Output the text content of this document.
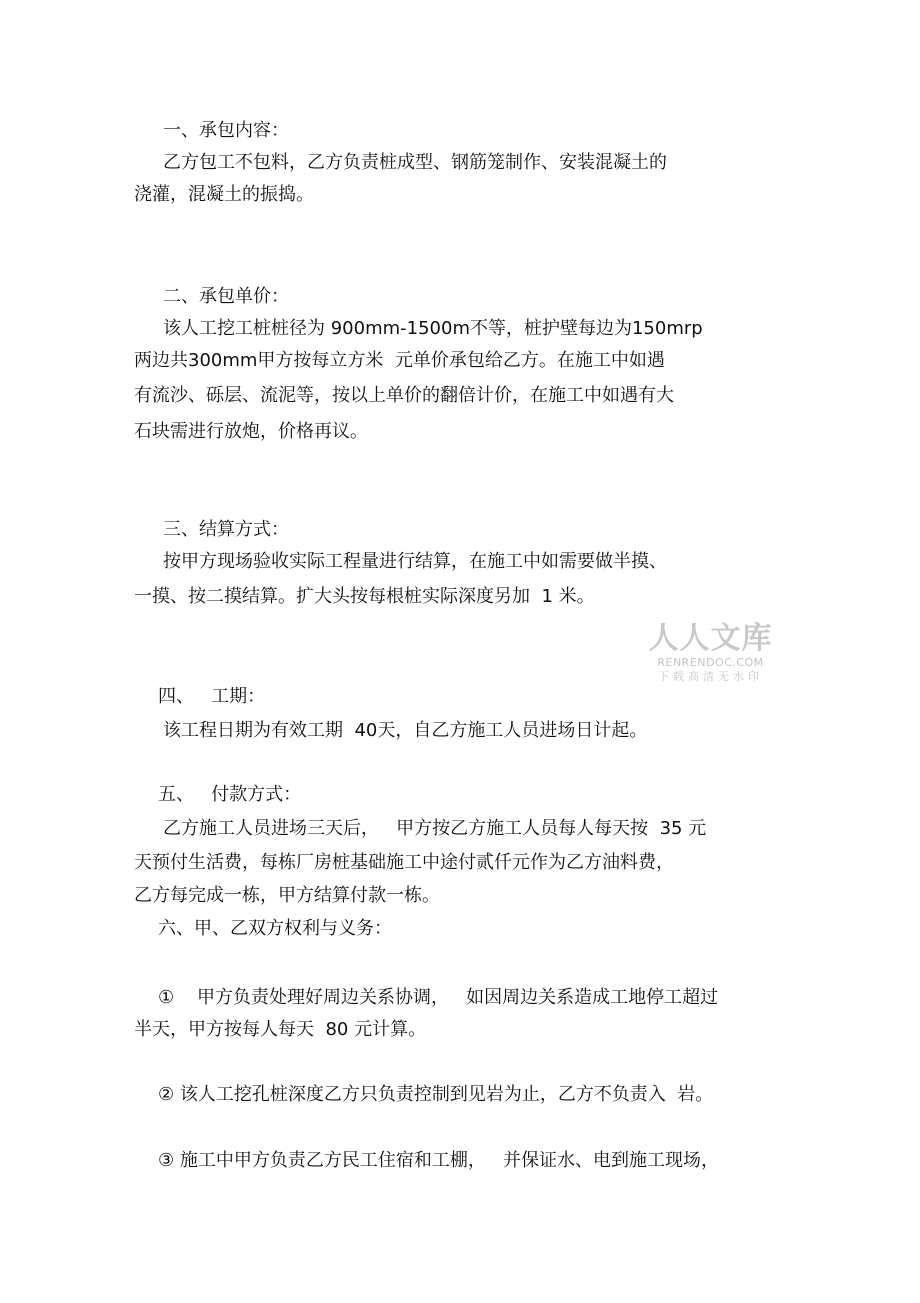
一、承包内容：
乙方包工不包料，乙方负责桩成型、钢筋笼制作、安装混凝土的
浇灌，混凝土的振捣。
二、承包单价：
该人工挖工桩桩径为 900mm-1500m不等，桩护壁每边为150mrp
两边共300mm甲方按每立方米  元单价承包给乙方。在施工中如遇
有流沙、砾层、流泥等，按以上单价的翻倍计价，在施工中如遇有大
石块需进行放炮，价格再议。
三、结算方式：
按甲方现场验收实际工程量进行结算，在施工中如需要做半摸、
一摸、按二摸结算。扩大头按每根桩实际深度另加  1 米。
人人文库
RENRENDOC.COM
下载高清无水印
四、   工期：
该工程日期为有效工期  40天，自乙方施工人员进场日计起。
五、   付款方式：
乙方施工人员进场三天后，   甲方按乙方施工人员每人每天按  35 元
天预付生活费，每栋厂房桩基础施工中途付贰仟元作为乙方油料费，
乙方每完成一栋，甲方结算付款一栋。
六、甲、乙双方权利与义务：
①    甲方负责处理好周边关系协调，   如因周边关系造成工地停工超过
半天，甲方按每人每天  80 元计算。
② 该人工挖孔桩深度乙方只负责控制到见岩为止，乙方不负责入  岩。
③ 施工中甲方负责乙方民工住宿和工棚，   并保证水、电到施工现场，
